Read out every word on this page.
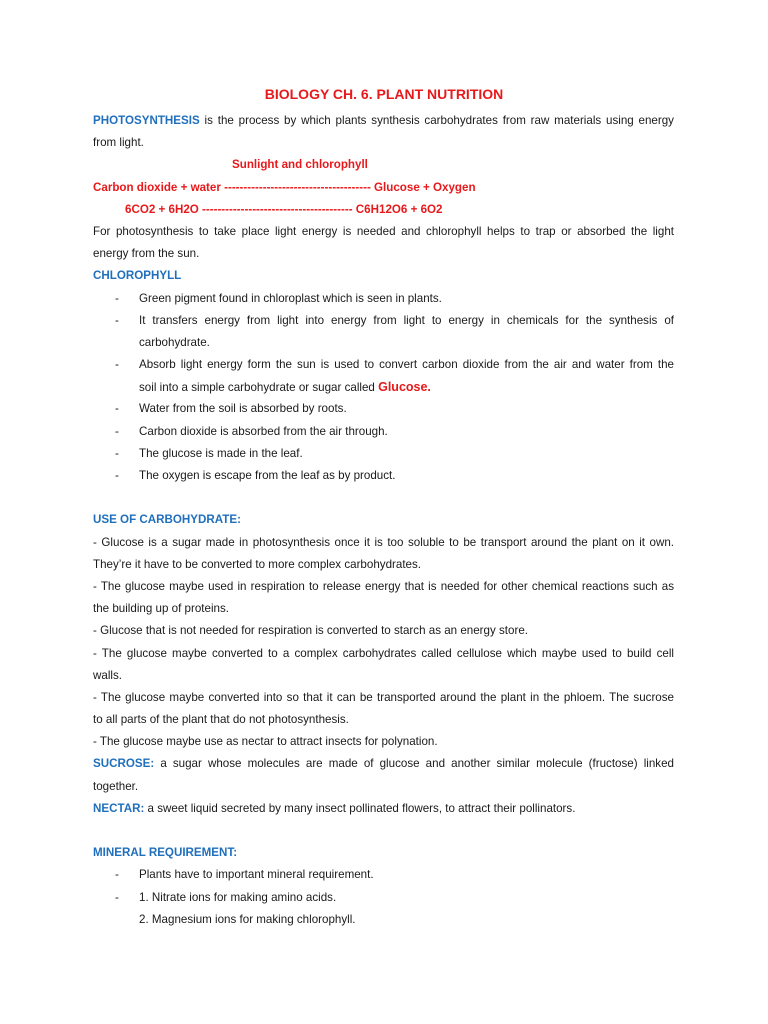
BIOLOGY CH. 6. PLANT NUTRITION
PHOTOSYNTHESIS is the process by which plants synthesis carbohydrates from raw materials using energy
from light.
Sunlight and chlorophyll
Carbon dioxide + water -------------------------------------- Glucose + Oxygen
6CO2 + 6H2O --------------------------------------- C6H12O6 + 6O2
For photosynthesis to take place light energy is needed and chlorophyll helps to trap or absorbed the light
energy from the sun.
CHLOROPHYLL
- Green pigment found in chloroplast which is seen in plants.
- It transfers energy from light into energy from light to energy in chemicals for the synthesis of
carbohydrate.
- Absorb light energy form the sun is used to convert carbon dioxide from the air and water from the
soil into a simple carbohydrate or sugar called Glucose.
- Water from the soil is absorbed by roots.
- Carbon dioxide is absorbed from the air through.
- The glucose is made in the leaf.
- The oxygen is escape from the leaf as by product.
USE OF CARBOHYDRATE:
- Glucose is a sugar made in photosynthesis once it is too soluble to be transport around the plant on it own.
They’re it have to be converted to more complex carbohydrates.
- The glucose maybe used in respiration to release energy that is needed for other chemical reactions such as
the building up of proteins.
- Glucose that is not needed for respiration is converted to starch as an energy store.
- The glucose maybe converted to a complex carbohydrates called cellulose which maybe used to build cell
walls.
- The glucose maybe converted into so that it can be transported around the plant in the phloem. The sucrose
to all parts of the plant that do not photosynthesis.
- The glucose maybe use as nectar to attract insects for polynation.
SUCROSE: a sugar whose molecules are made of glucose and another similar molecule (fructose) linked
together.
NECTAR: a sweet liquid secreted by many insect pollinated flowers, to attract their pollinators.
MINERAL REQUIREMENT:
- Plants have to important mineral requirement.
- 1. Nitrate ions for making amino acids.
2. Magnesium ions for making chlorophyll.
